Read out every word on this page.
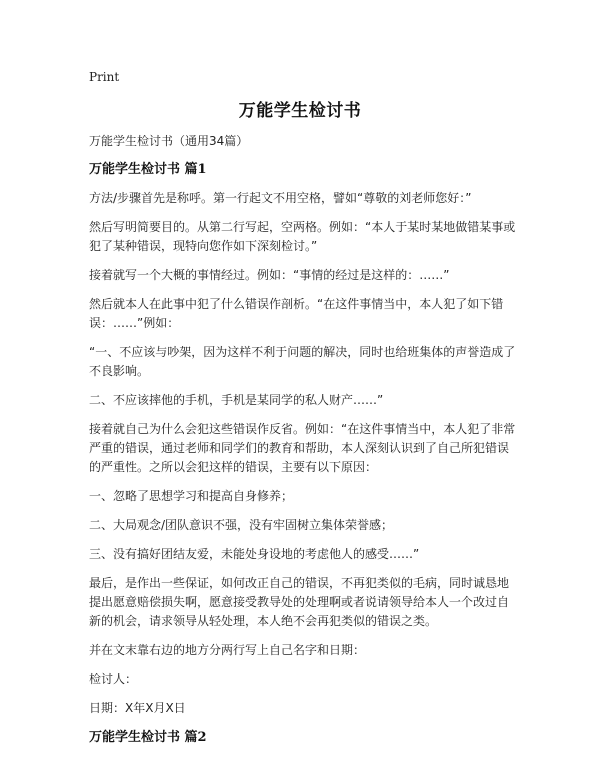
Print
万能学生检讨书

万能学生检讨书（通用34篇）

万能学生检讨书 篇1

方法/步骤首先是称呼。第一行起文不用空格，譬如“尊敬的刘老师您好：”

然后写明简要目的。从第二行写起，空两格。例如：“本人于某时某地做错某事或犯了某种错误，现特向您作如下深刻检讨。”

接着就写一个大概的事情经过。例如：“事情的经过是这样的：……”

然后就本人在此事中犯了什么错误作剖析。“在这件事情当中，本人犯了如下错误：……”例如：

“一、不应该与吵架，因为这样不利于问题的解决，同时也给班集体的声誉造成了不良影响。

二、不应该摔他的手机，手机是某同学的私人财产……”

接着就自己为什么会犯这些错误作反省。例如：“在这件事情当中，本人犯了非常严重的错误，通过老师和同学们的教育和帮助，本人深刻认识到了自己所犯错误的严重性。之所以会犯这样的错误，主要有以下原因：

一、忽略了思想学习和提高自身修养；

二、大局观念/团队意识不强，没有牢固树立集体荣誉感；

三、没有搞好团结友爱，未能处身设地的考虑他人的感受……”

最后，是作出一些保证，如何改正自己的错误，不再犯类似的毛病，同时诚恳地提出愿意赔偿损失啊，愿意接受教导处的处理啊或者说请领导给本人一个改过自新的机会，请求领导从轻处理，本人绝不会再犯类似的错误之类。

并在文末靠右边的地方分两行写上自己名字和日期：

检讨人：

日期：X年X月X日

万能学生检讨书 篇2
